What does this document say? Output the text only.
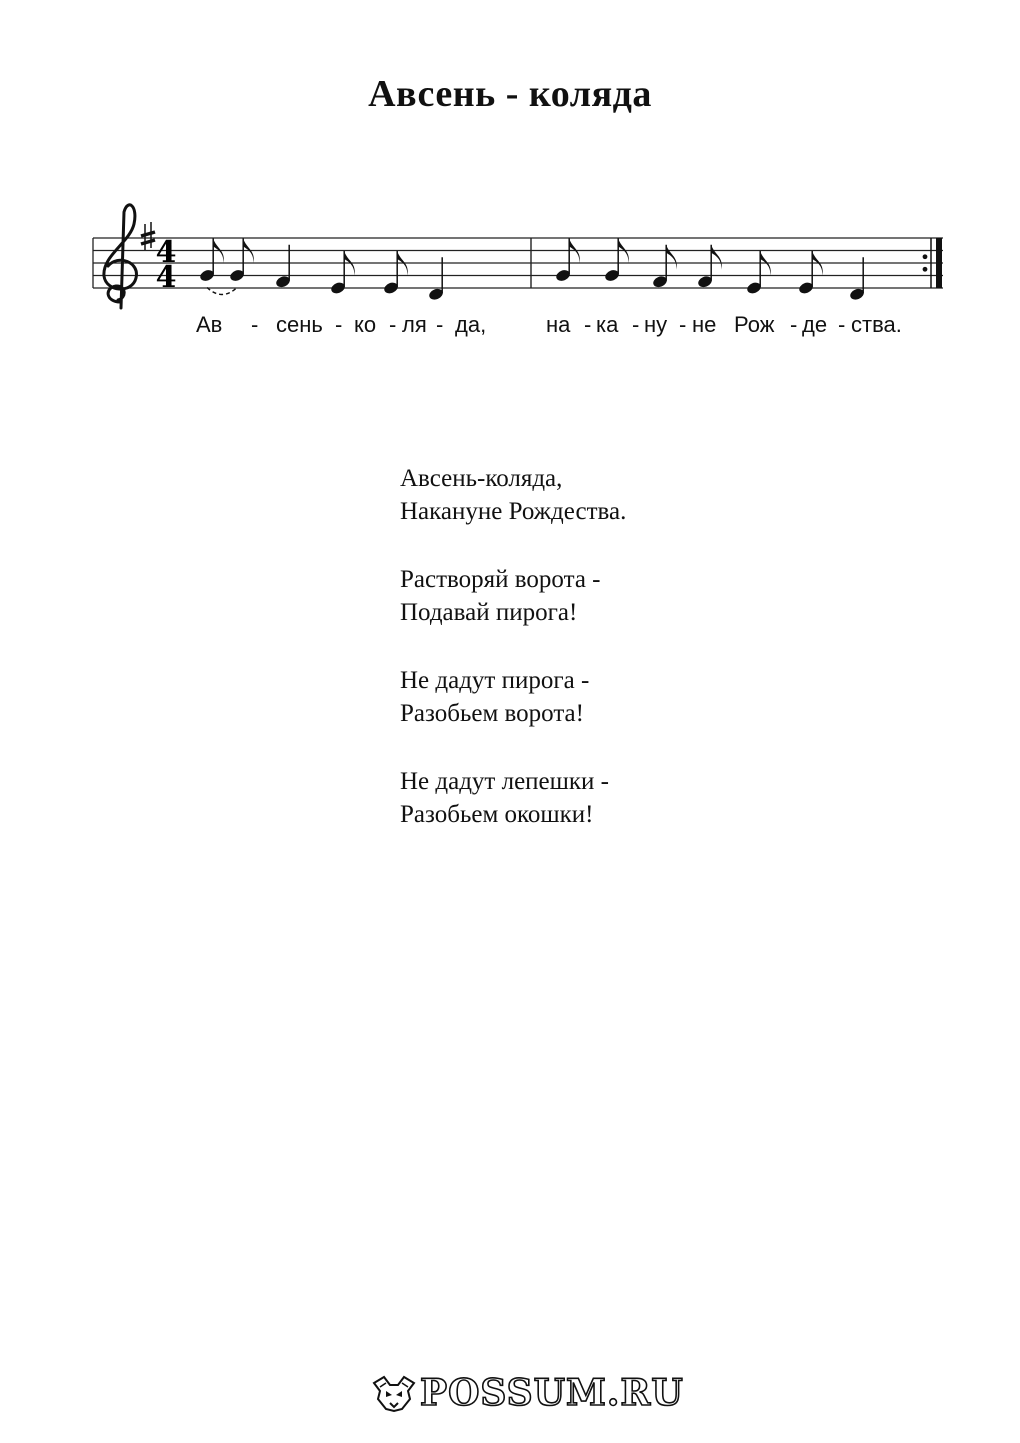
Авсень - коляда
4
4
Ав - сень - ко - ля - да,	на - ка - ну - не Рож - де - ства.
Авсень-коляда,
Накануне Рождества.
Растворяй ворота -
Подавай пирога!
Не дадут пирога -
Разобьем ворота!
Не дадут лепешки -
Разобьем окошки!
POSSUM.RU
